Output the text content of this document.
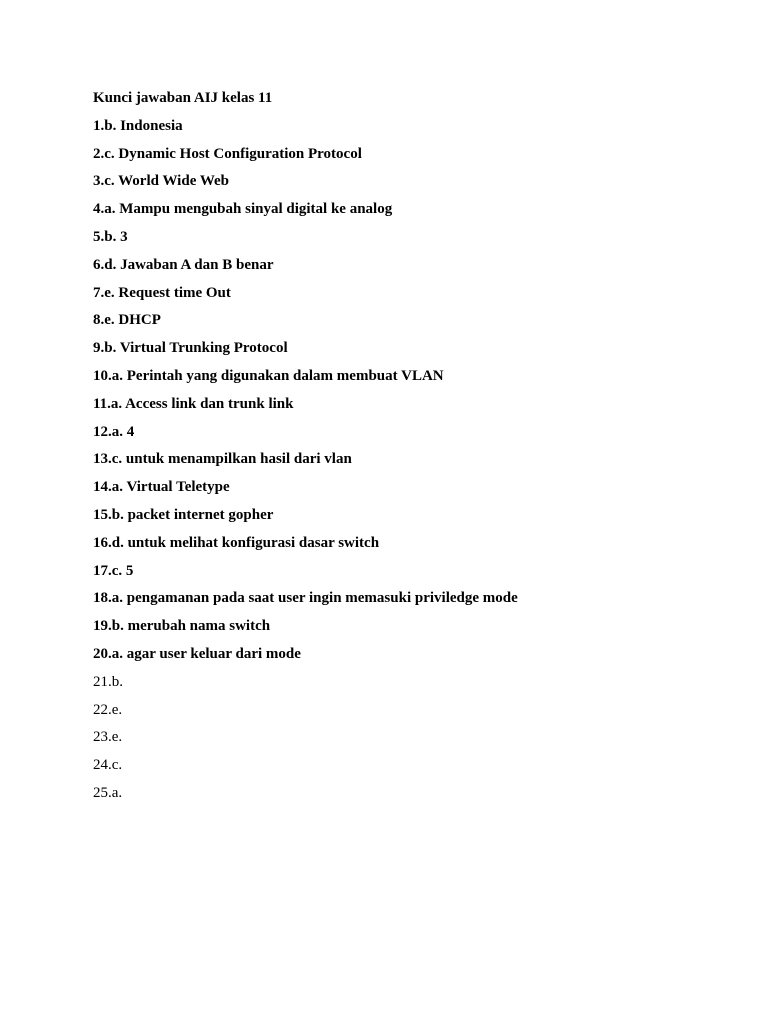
Kunci jawaban AIJ kelas 11
1.b. Indonesia
2.c. Dynamic Host Configuration Protocol
3.c. World Wide Web
4.a. Mampu mengubah sinyal digital ke analog
5.b. 3
6.d. Jawaban A dan B benar
7.e. Request time Out
8.e. DHCP
9.b. Virtual Trunking Protocol
10.a. Perintah yang digunakan dalam membuat VLAN
11.a. Access link dan trunk link
12.a. 4
13.c. untuk menampilkan hasil dari vlan
14.a. Virtual Teletype
15.b. packet internet gopher
16.d. untuk melihat konfigurasi dasar switch
17.c. 5
18.a. pengamanan pada saat user ingin memasuki priviledge mode
19.b. merubah nama switch
20.a. agar user keluar dari mode
21.b.
22.e.
23.e.
24.c.
25.a.
